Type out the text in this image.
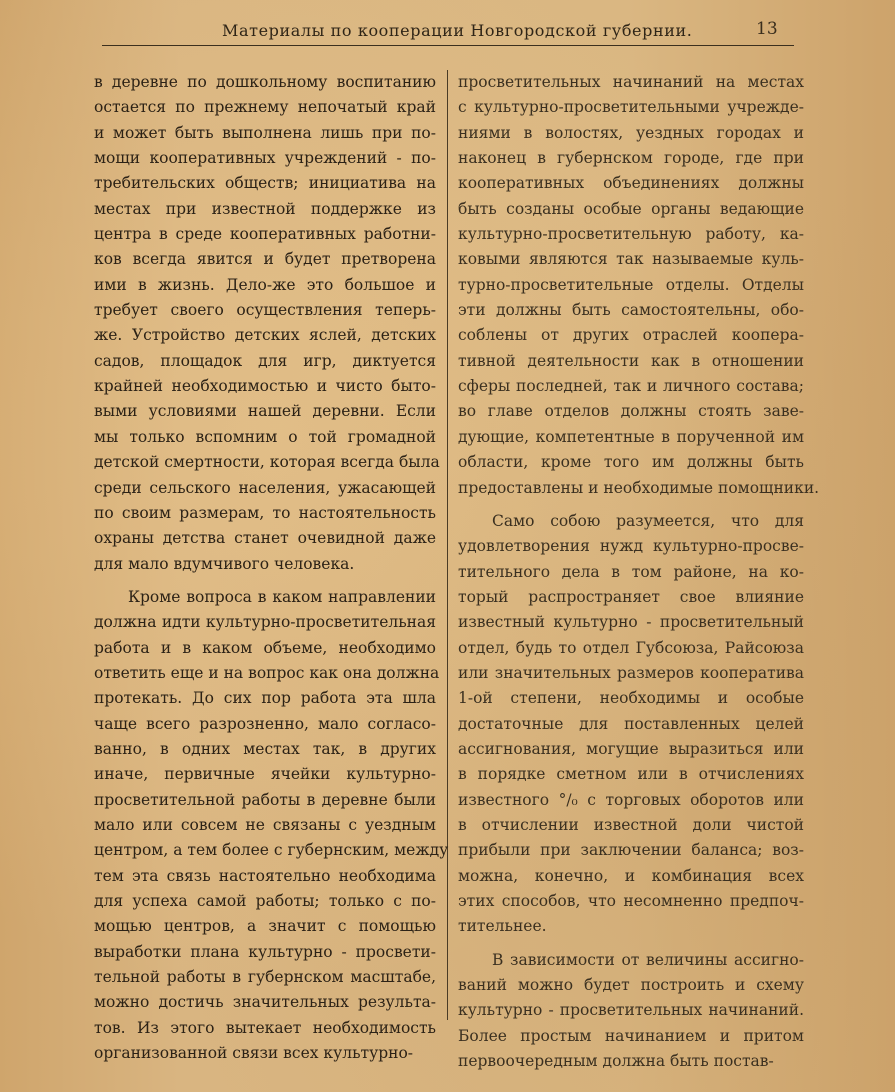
Материалы по кооперации Новгородской губернии.	13
в деревне по дошкольному воспитанию
остается по прежнему непочатый край
и может быть выполнена лишь при по-
мощи кооперативных учреждений - по-
требительских обществ; инициатива на
местах при известной поддержке из
центра в среде кооперативных работни-
ков всегда явится и будет претворена
ими в жизнь. Дело-же это большое и
требует своего осуществления теперь-
же. Устройство детских яслей, детских
садов, площадок для игр, диктуется
крайней необходимостью и чисто быто-
выми условиями нашей деревни. Если
мы только вспомним о той громадной
детской смертности, которая всегда была
среди сельского населения, ужасающей
по своим размерам, то настоятельность
охраны детства станет очевидной даже
для мало вдумчивого человека.
Кроме вопроса в каком направлении
должна идти культурно-просветительная
работа и в каком объеме, необходимо
ответить еще и на вопрос как она должна
протекать. До сих пор работа эта шла
чаще всего разрозненно, мало согласо-
ванно, в одних местах так, в других
иначе, первичные ячейки культурно-
просветительной работы в деревне были
мало или совсем не связаны с уездным
центром, а тем более с губернским, между
тем эта связь настоятельно необходима
для успеха самой работы; только с по-
мощью центров, а значит с помощью
выработки плана культурно - просвети-
тельной работы в губернском масштабе,
можно достичь значительных результа-
тов. Из этого вытекает необходимость
организованной связи всех культурно-
просветительных начинаний на местах
с культурно-просветительными учрежде-
ниями в волостях, уездных городах и
наконец в губернском городе, где при
кооперативных объединениях должны
быть созданы особые органы ведающие
культурно-просветительную работу, ка-
ковыми являются так называемые куль-
турно-просветительные отделы. Отделы
эти должны быть самостоятельны, обо-
соблены от других отраслей коопера-
тивной деятельности как в отношении
сферы последней, так и личного состава;
во главе отделов должны стоять заве-
дующие, компетентные в порученной им
области, кроме того им должны быть
предоставлены и необходимые помощники.
Само собою разумеется, что для
удовлетворения нужд культурно-просве-
тительного дела в том районе, на ко-
торый распространяет свое влияние
известный культурно - просветительный
отдел, будь то отдел Губсоюза, Райсоюза
или значительных размеров кооператива
1-ой степени, необходимы и особые
достаточные для поставленных целей
ассигнования, могущие выразиться или
в порядке сметном или в отчислениях
известного °/₀ с торговых оборотов или
в отчислении известной доли чистой
прибыли при заключении баланса; воз-
можна, конечно, и комбинация всех
этих способов, что несомненно предпоч-
тительнее.
В зависимости от величины ассигно-
ваний можно будет построить и схему
культурно - просветительных начинаний.
Более простым начинанием и притом
первоочередным должна быть постав-
